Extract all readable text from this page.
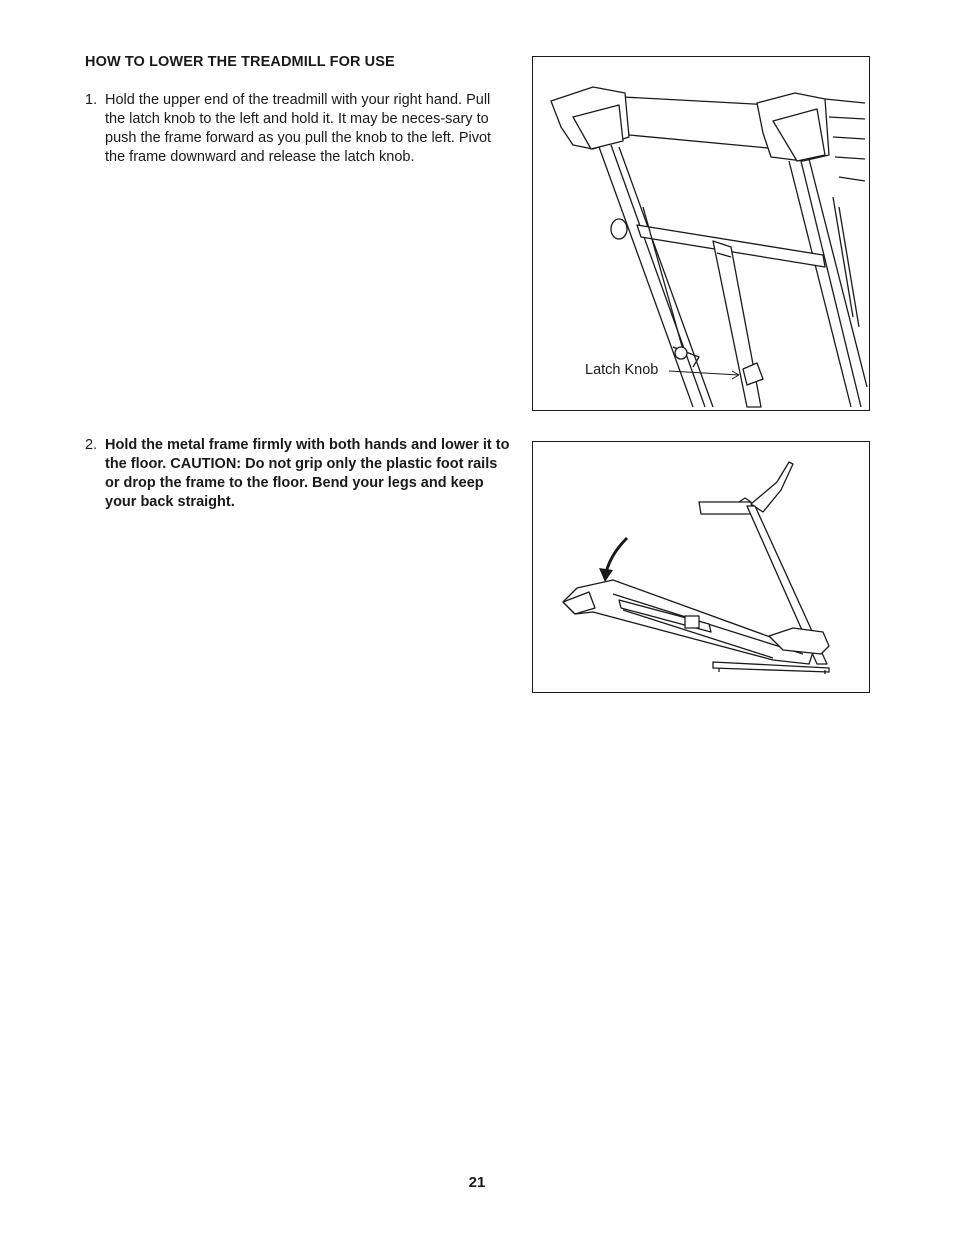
HOW TO LOWER THE TREADMILL FOR USE
1. Hold the upper end of the treadmill with your right hand. Pull the latch knob to the left and hold it. It may be neces-sary to push the frame forward as you pull the knob to the left. Pivot the frame downward and release the latch knob.
Latch Knob
2. Hold the metal frame firmly with both hands and lower it to the floor. CAUTION: Do not grip only the plastic foot rails or drop the frame to the floor. Bend your legs and keep your back straight.
21
